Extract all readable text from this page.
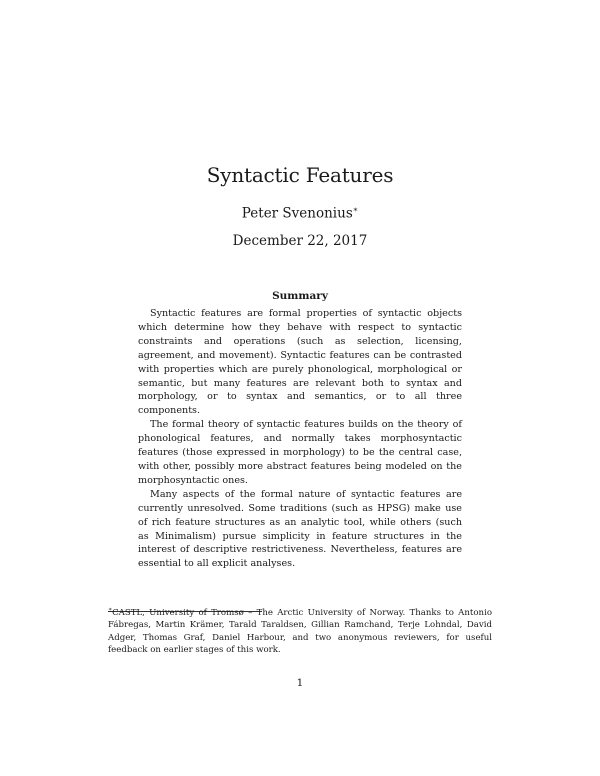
Syntactic Features
Peter Svenonius∗
December 22, 2017
Summary

Syntactic features are formal properties of syntactic objects which determine how they behave with respect to syntactic constraints and operations (such as selection, licensing, agreement, and movement). Syntactic features can be contrasted with properties which are purely phonological, morphological or semantic, but many features are relevant both to syntax and morphology, or to syntax and semantics, or to all three components.

The formal theory of syntactic features builds on the theory of phonological features, and normally takes morphosyntactic features (those expressed in morphology) to be the central case, with other, possibly more abstract features being modeled on the morphosyntactic ones.

Many aspects of the formal nature of syntactic features are currently unresolved. Some traditions (such as HPSG) make use of rich feature structures as an analytic tool, while others (such as Minimalism) pursue simplicity in feature structures in the interest of descriptive restrictiveness. Nevertheless, features are essential to all explicit analyses.

∗CASTL, University of Tromsø – The Arctic University of Norway. Thanks to Antonio Fábregas, Martin Krämer, Tarald Taraldsen, Gillian Ramchand, Terje Lohndal, David Adger, Thomas Graf, Daniel Harbour, and two anonymous reviewers, for useful feedback on earlier stages of this work.
1
